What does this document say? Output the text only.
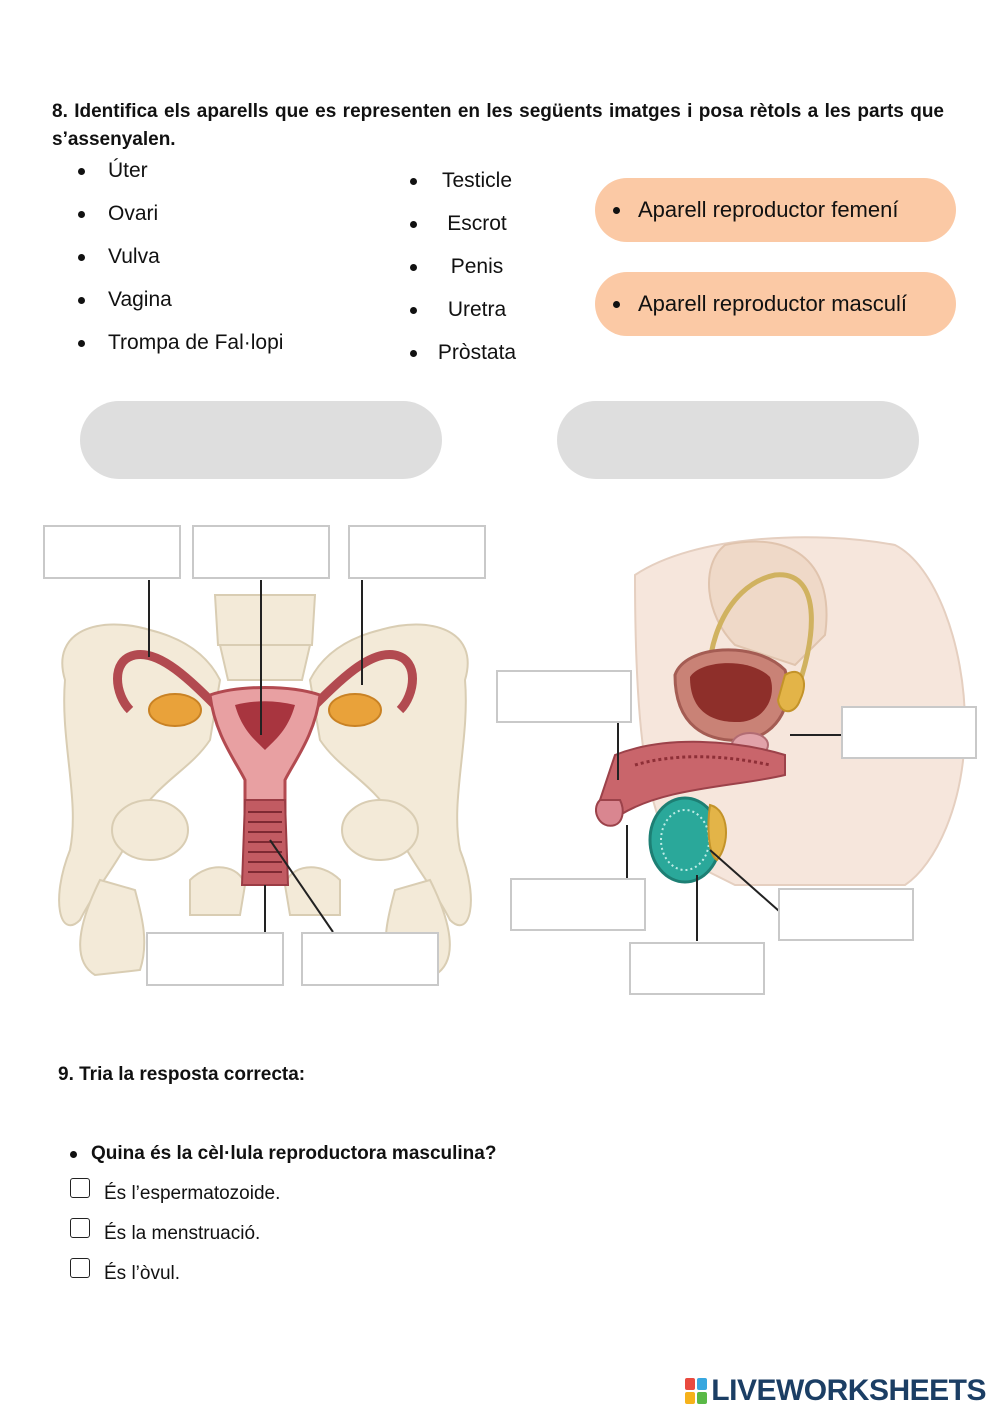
8. Identifica els aparells que es representen en les següents imatges i posa rètols a les parts que s’assenyalen.
Úter
Ovari
Vulva
Vagina
Trompa de Fal·lopi
Testicle
Escrot
Penis
Uretra
Pròstata
Aparell reproductor femení
Aparell reproductor masculí
9. Tria la resposta correcta:
Quina és la cèl·lula reproductora masculina?
És l’espermatozoide.
És la menstruació.
És l’òvul.
LIVEWORKSHEETS
